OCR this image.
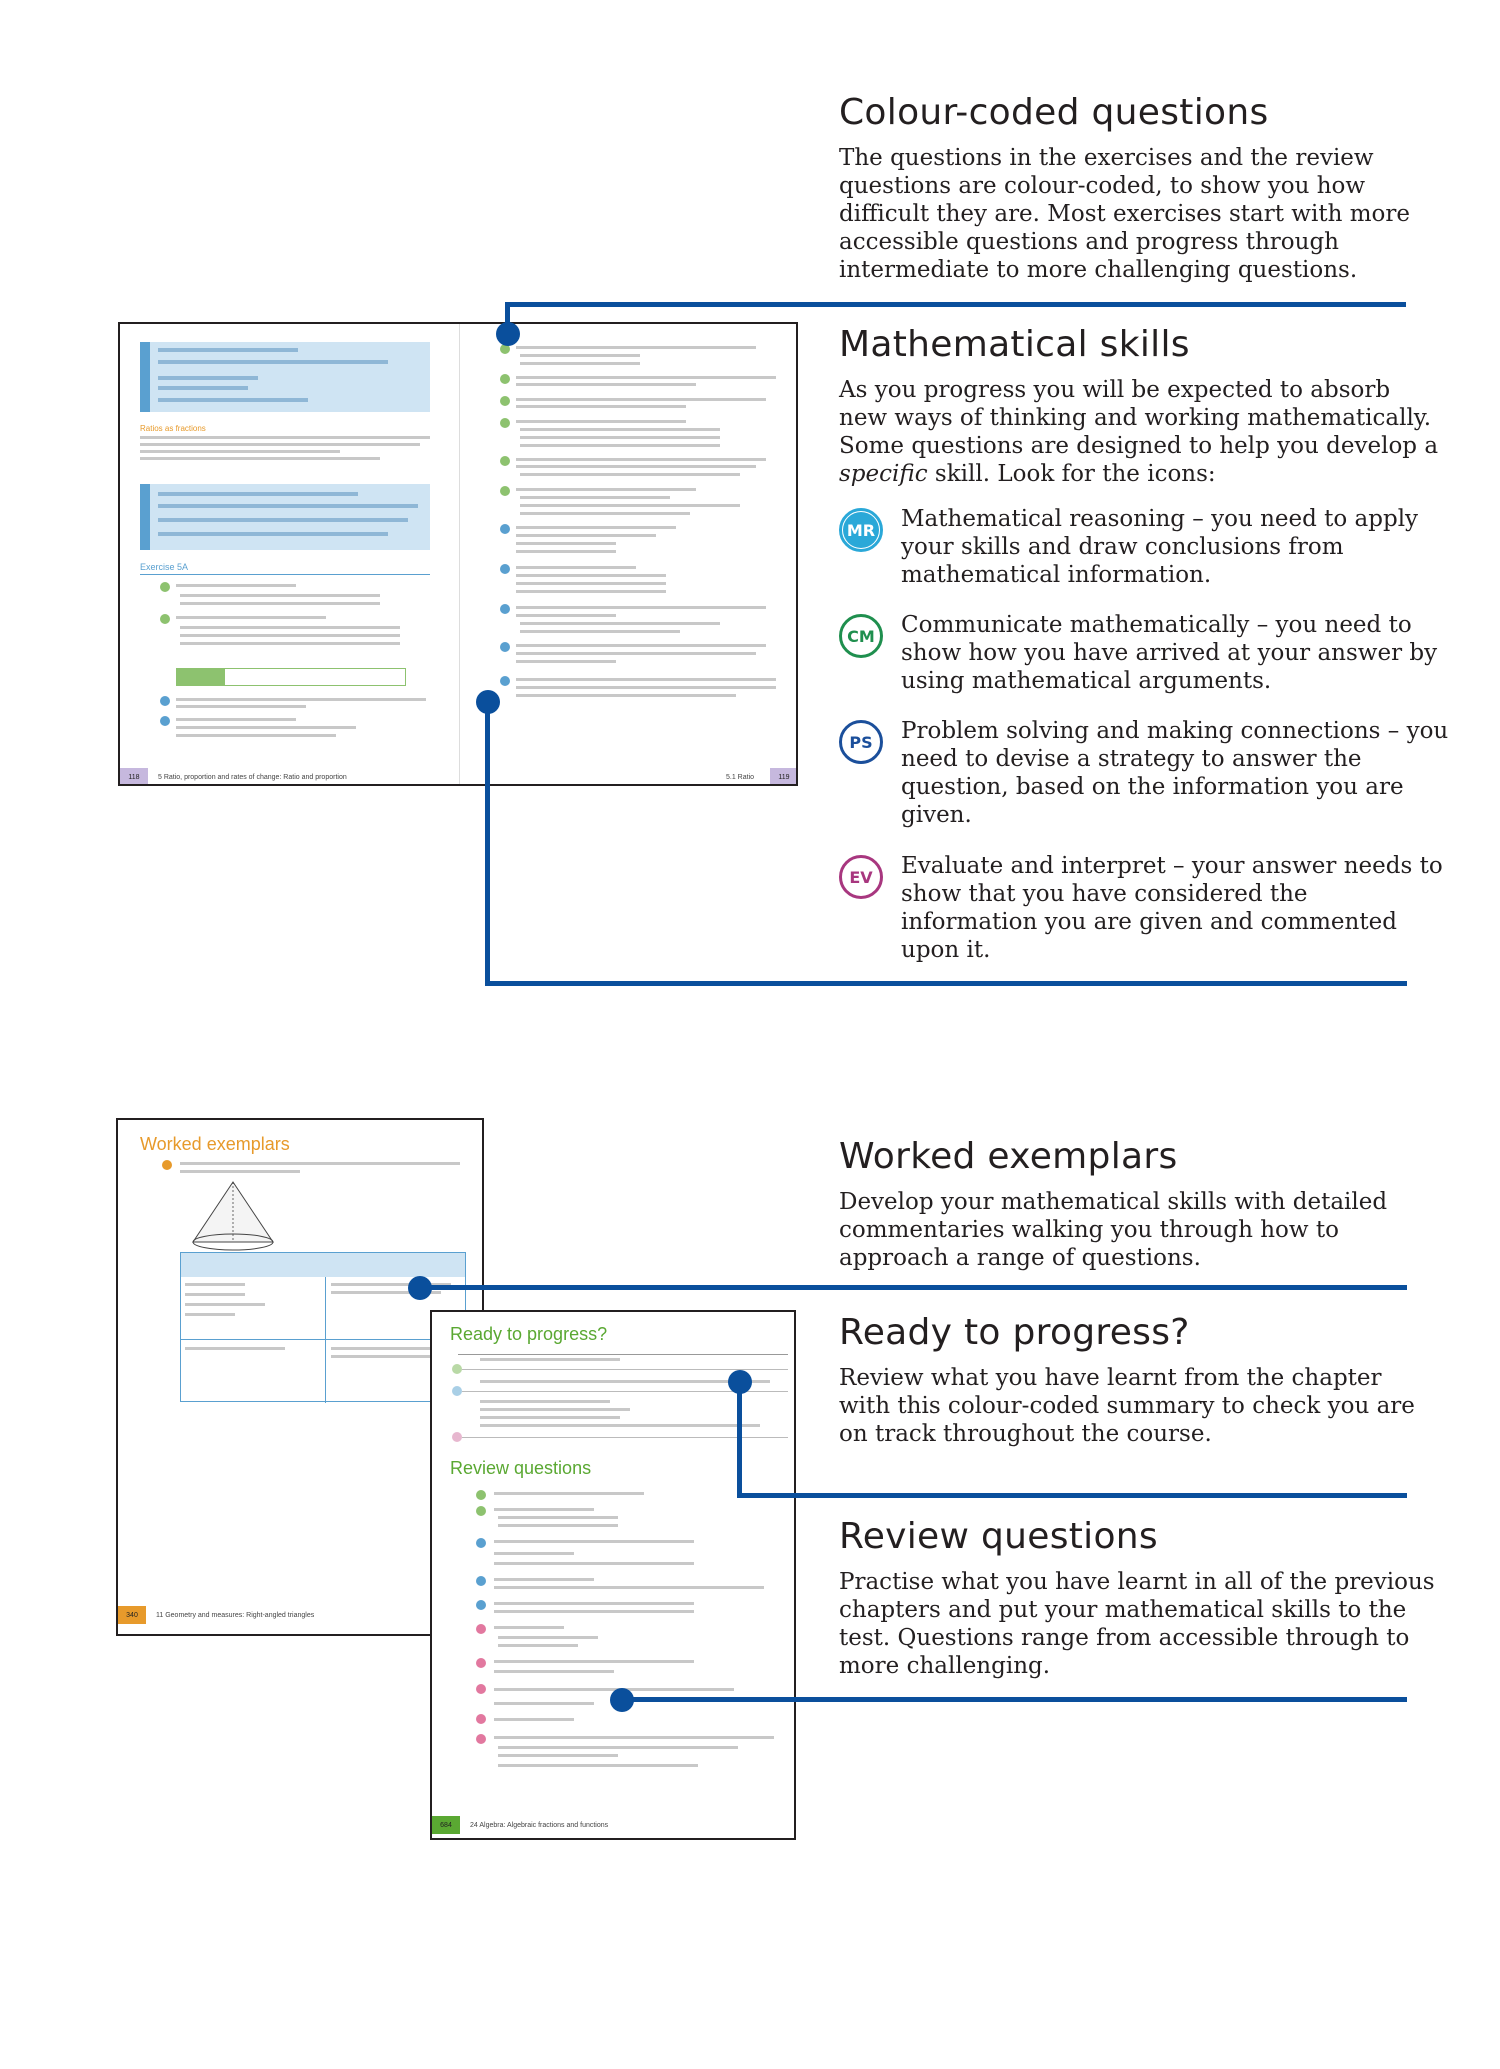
Colour-coded questions

The questions in the exercises and the review questions are colour-coded, to show you how difficult they are. Most exercises start with more accessible questions and progress through intermediate to more challenging questions.

Mathematical skills

As you progress you will be expected to absorb new ways of thinking and working mathematically. Some questions are designed to help you develop a specific skill. Look for the icons:

MR Mathematical reasoning – you need to apply your skills and draw conclusions from mathematical information.

CM Communicate mathematically – you need to show how you have arrived at your answer by using mathematical arguments.

PS Problem solving and making connections – you need to devise a strategy to answer the question, based on the information you are given.

EV Evaluate and interpret – your answer needs to show that you have considered the information you are given and commented upon it.

Worked exemplars

Develop your mathematical skills with detailed commentaries walking you through how to approach a range of questions.

Ready to progress?

Review what you have learnt from the chapter with this colour-coded summary to check you are on track throughout the course.

Review questions

Practise what you have learnt in all of the previous chapters and put your mathematical skills to the test. Questions range from accessible through to more challenging.

Ratios as fractions
Exercise 5A
118	5 Ratio, proportion and rates of change: Ratio and proportion	119
5.1 Ratio
Worked exemplars
340	11 Geometry and measures: Right-angled triangles
Ready to progress?
Review questions
684	24 Algebra: Algebraic fractions and functions
